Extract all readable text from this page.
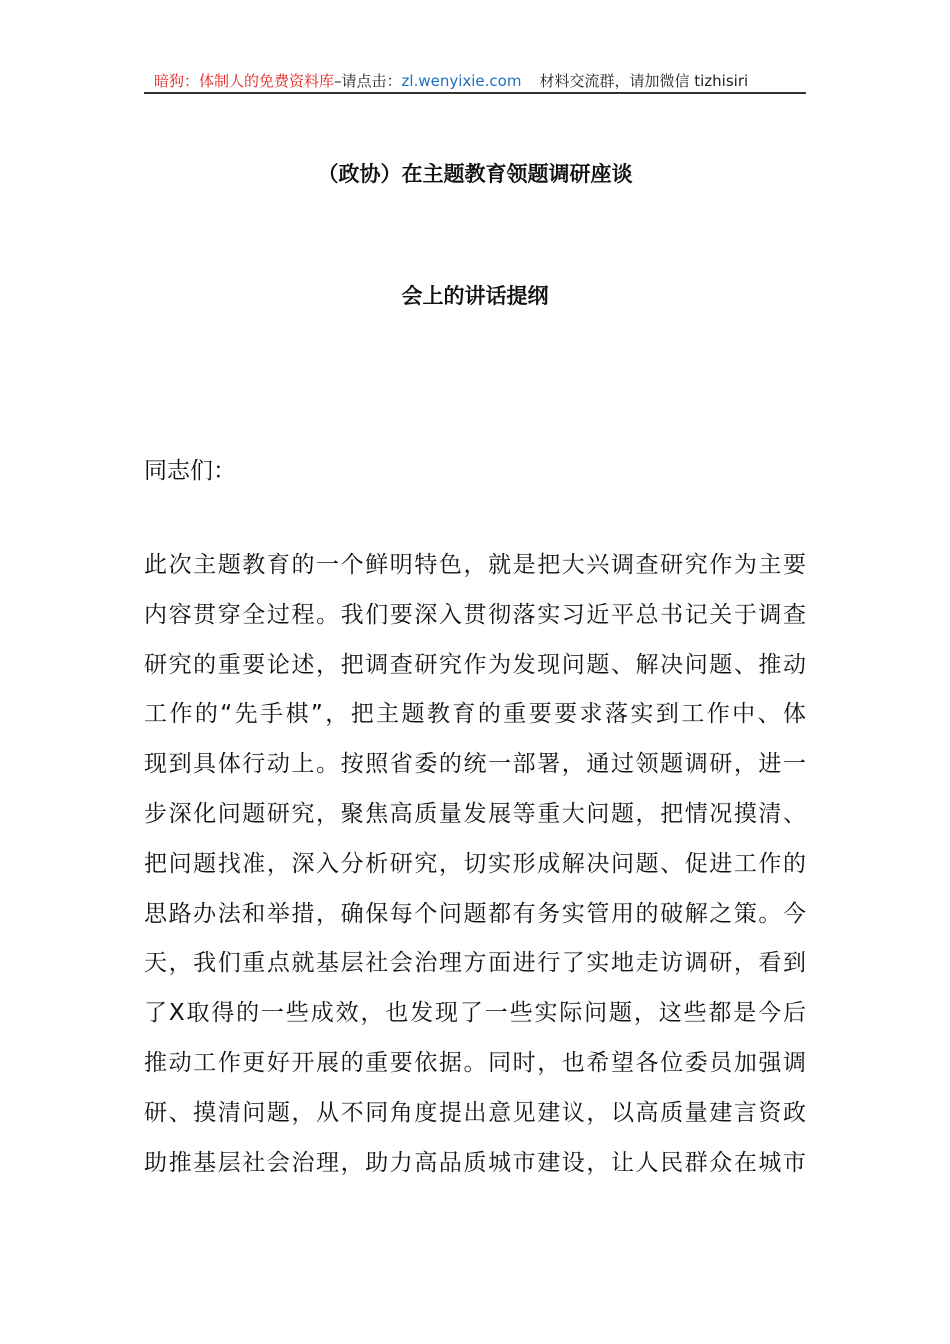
暗狗：体制人的免费资料库–请点击：zl.wenyixie.com 材料交流群，请加微信 tizhisiri
（政协）在主题教育领题调研座谈
会上的讲话提纲
同志们：
此次主题教育的一个鲜明特色，就是把大兴调查研究作为主要
内容贯穿全过程。我们要深入贯彻落实习近平总书记关于调查
研究的重要论述，把调查研究作为发现问题、解决问题、推动
工作的“先手棋”，把主题教育的重要要求落实到工作中、体
现到具体行动上。按照省委的统一部署，通过领题调研，进一
步深化问题研究，聚焦高质量发展等重大问题，把情况摸清、
把问题找准，深入分析研究，切实形成解决问题、促进工作的
思路办法和举措，确保每个问题都有务实管用的破解之策。今
天，我们重点就基层社会治理方面进行了实地走访调研，看到
了X取得的一些成效，也发现了一些实际问题，这些都是今后
推动工作更好开展的重要依据。同时，也希望各位委员加强调
研、摸清问题，从不同角度提出意见建议，以高质量建言资政
助推基层社会治理，助力高品质城市建设，让人民群众在城市
